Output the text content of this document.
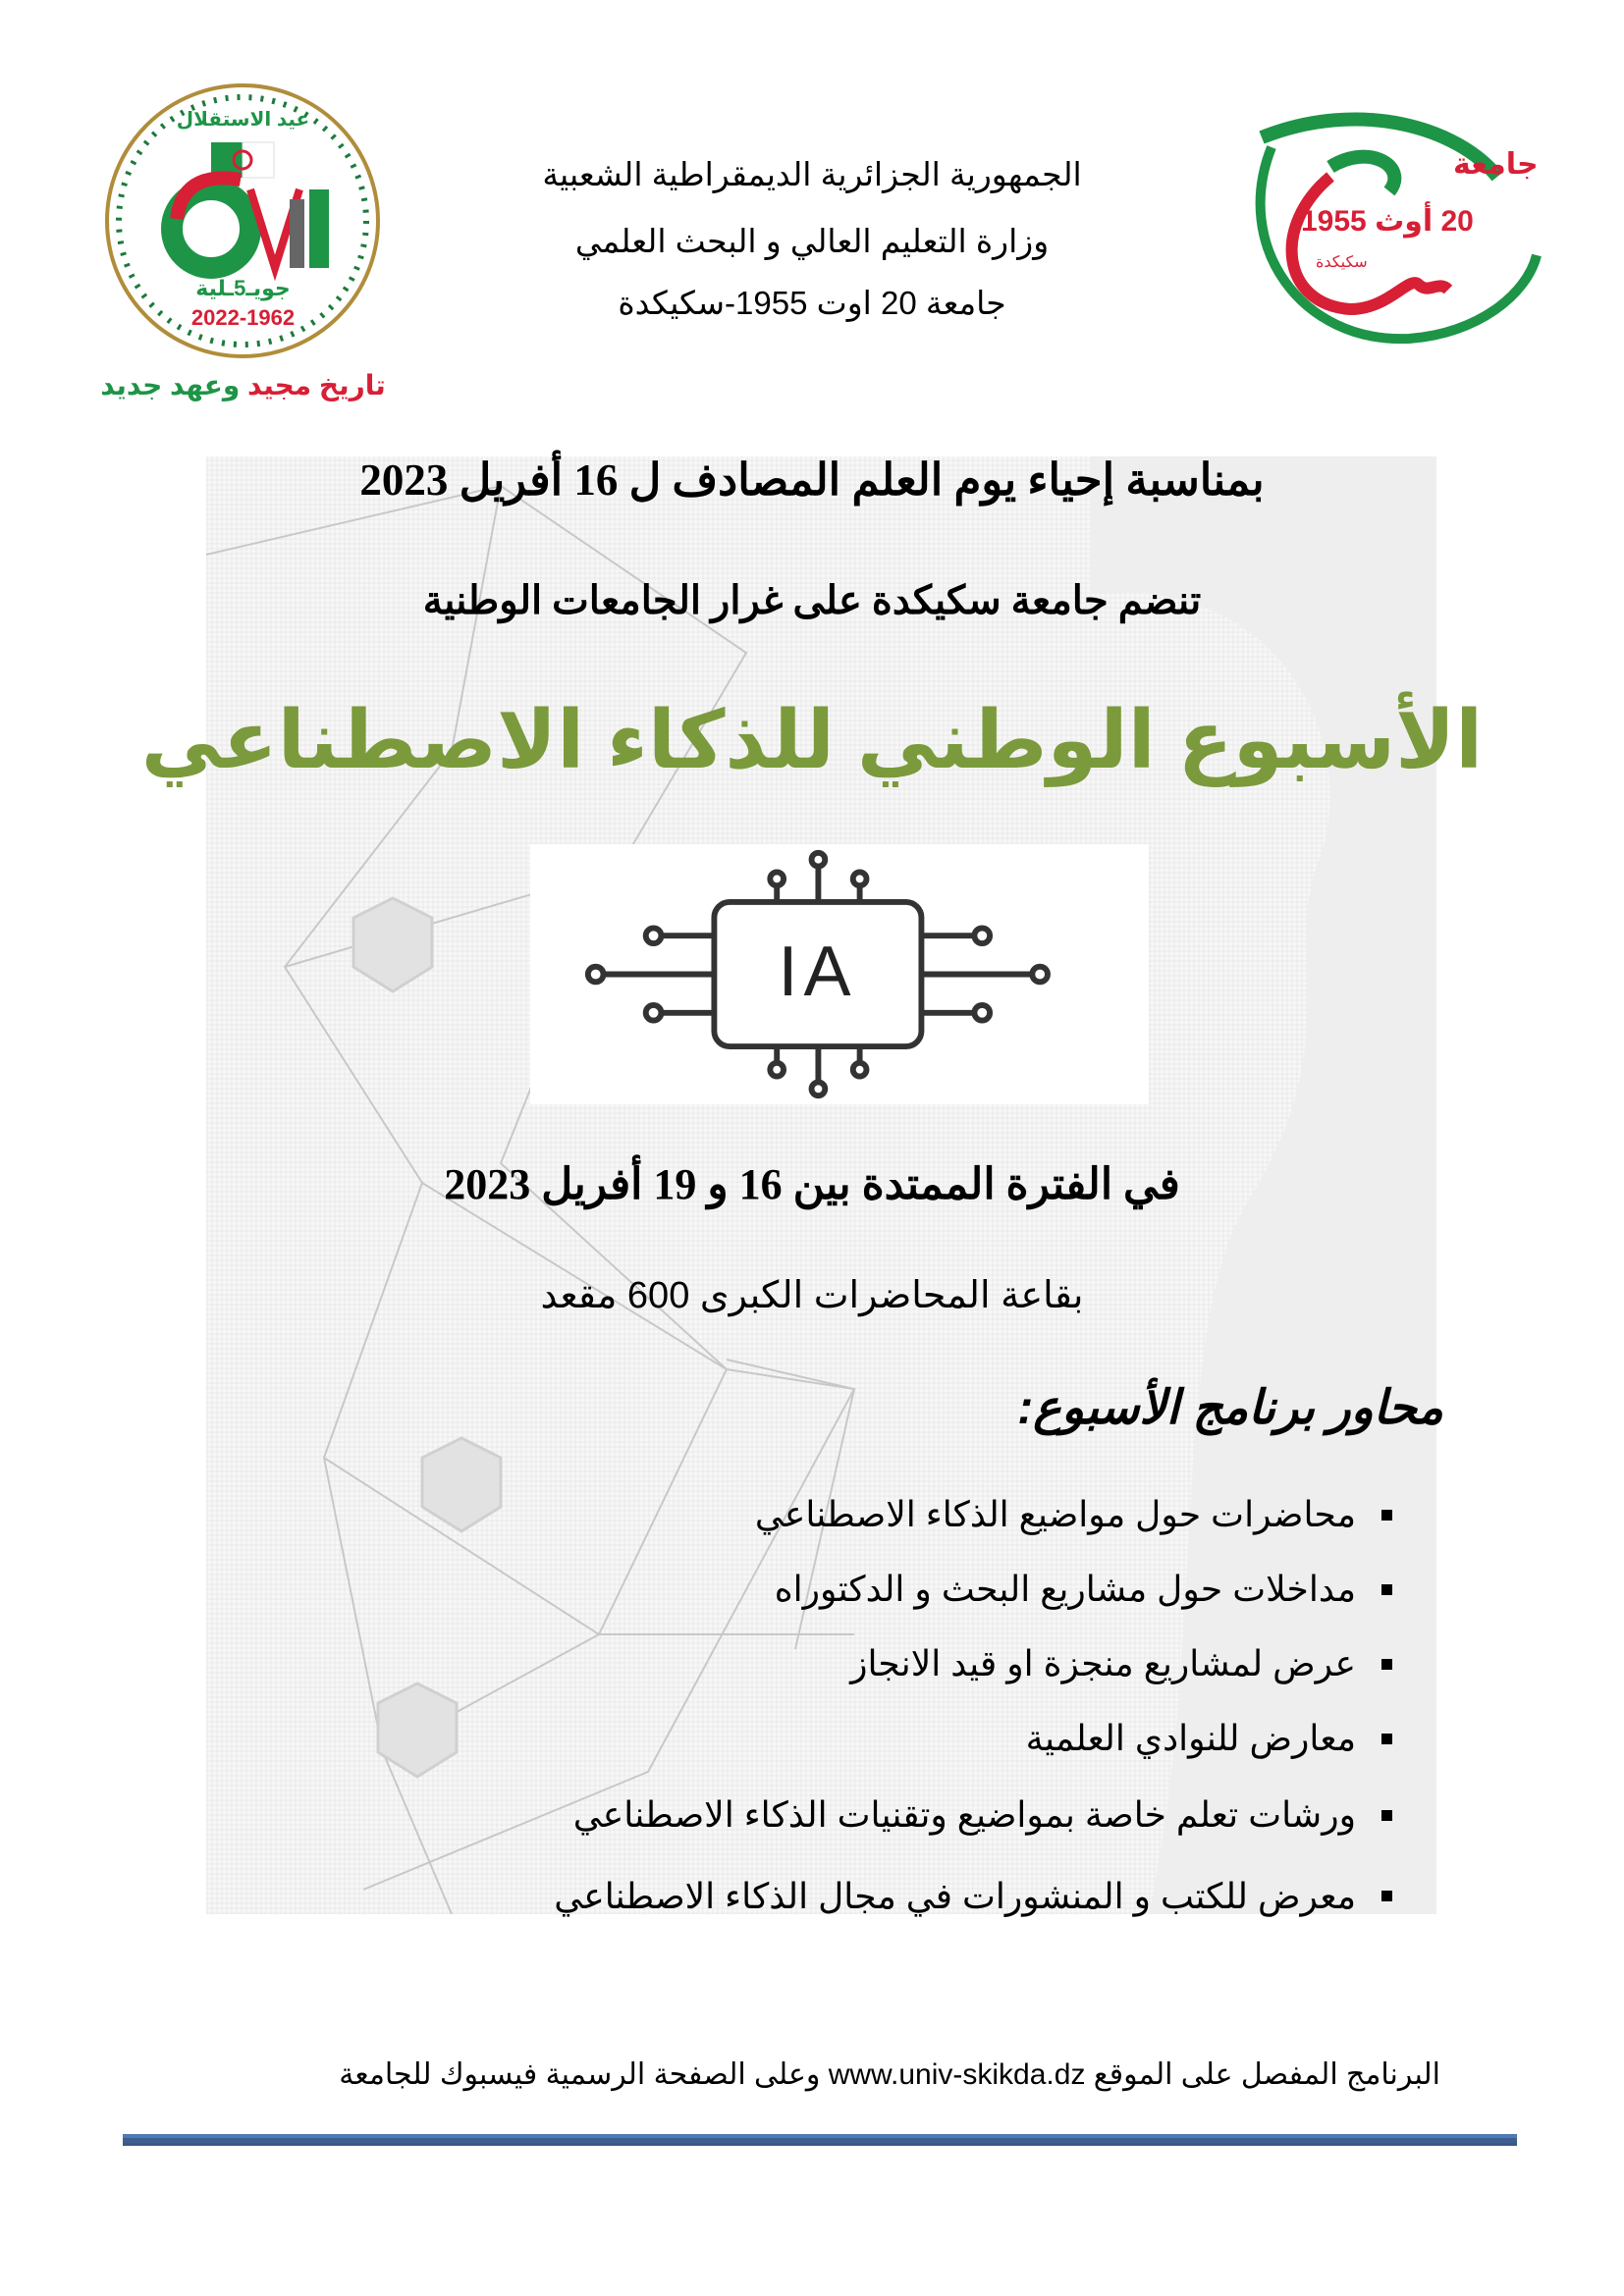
عيد الاستقلال
جويـ5ـلية
2022-1962
تاريخ مجيد وعهد جديد
الجمهورية الجزائرية الديمقراطية الشعبية
وزارة التعليم العالي و البحث العلمي
جامعة 20 اوت 1955-سكيكدة
جامعة
20 أوث 1955
سكيكدة
بمناسبة إحياء يوم العلم المصادف ل 16 أفريل 2023
تنضم جامعة سكيكدة على غرار الجامعات الوطنية
الأسبوع الوطني للذكاء الاصطناعي
IA
في الفترة الممتدة بين 16 و 19 أفريل 2023
بقاعة المحاضرات الكبرى 600 مقعد
محاور برنامج الأسبوع:
محاضرات حول مواضيع الذكاء الاصطناعي
مداخلات حول مشاريع البحث و الدكتوراه
عرض لمشاريع منجزة او قيد الانجاز
معارض للنوادي العلمية
ورشات تعلم خاصة بمواضيع وتقنيات الذكاء الاصطناعي
معرض للكتب و المنشورات في مجال الذكاء الاصطناعي
البرنامج المفصل على الموقع www.univ-skikda.dz وعلى الصفحة الرسمية فيسبوك للجامعة
